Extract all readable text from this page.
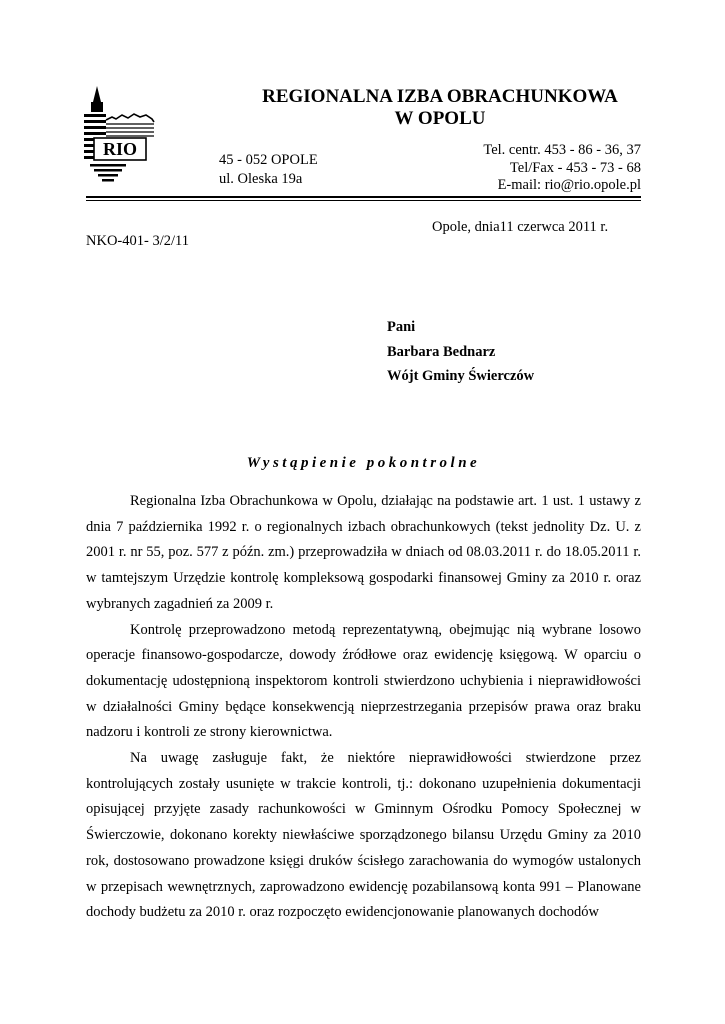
RIO
REGIONALNA IZBA OBRACHUNKOWA
W OPOLU
45 - 052 OPOLE
ul. Oleska 19a
Tel. centr. 453 - 86 - 36, 37
Tel/Fax - 453 - 73 - 68
E-mail: rio@rio.opole.pl
Opole, dnia11 czerwca 2011 r.
NKO-401- 3/2/11
Pani
Barbara Bednarz
Wójt Gminy Świerczów
Wystąpienie pokontrolne

Regionalna Izba Obrachunkowa w Opolu, działając na podstawie art. 1 ust. 1 ustawy z dnia 7 października 1992 r. o regionalnych izbach obrachunkowych (tekst jednolity Dz. U. z 2001 r. nr 55, poz. 577 z późn. zm.) przeprowadziła w dniach od 08.03.2011 r. do 18.05.2011 r. w tamtejszym Urzędzie kontrolę kompleksową gospodarki finansowej Gminy za 2010 r. oraz wybranych zagadnień za 2009 r.

Kontrolę przeprowadzono metodą reprezentatywną, obejmując nią wybrane losowo operacje finansowo-gospodarcze, dowody źródłowe oraz ewidencję księgową. W oparciu o dokumentację udostępnioną inspektorom kontroli stwierdzono uchybienia i nieprawidłowości w działalności Gminy będące konsekwencją nieprzestrzegania przepisów prawa oraz braku nadzoru i kontroli ze strony kierownictwa.

Na uwagę zasługuje fakt, że niektóre nieprawidłowości stwierdzone przez kontrolujących zostały usunięte w trakcie kontroli, tj.: dokonano uzupełnienia dokumentacji opisującej przyjęte zasady rachunkowości w Gminnym Ośrodku Pomocy Społecznej w Świerczowie, dokonano korekty niewłaściwe sporządzonego bilansu Urzędu Gminy za 2010 rok, dostosowano prowadzone księgi druków ścisłego zarachowania do wymogów ustalonych w przepisach wewnętrznych, zaprowadzono ewidencję pozabilansową konta 991 – Planowane dochody budżetu za 2010 r. oraz rozpoczęto ewidencjonowanie planowanych dochodów
